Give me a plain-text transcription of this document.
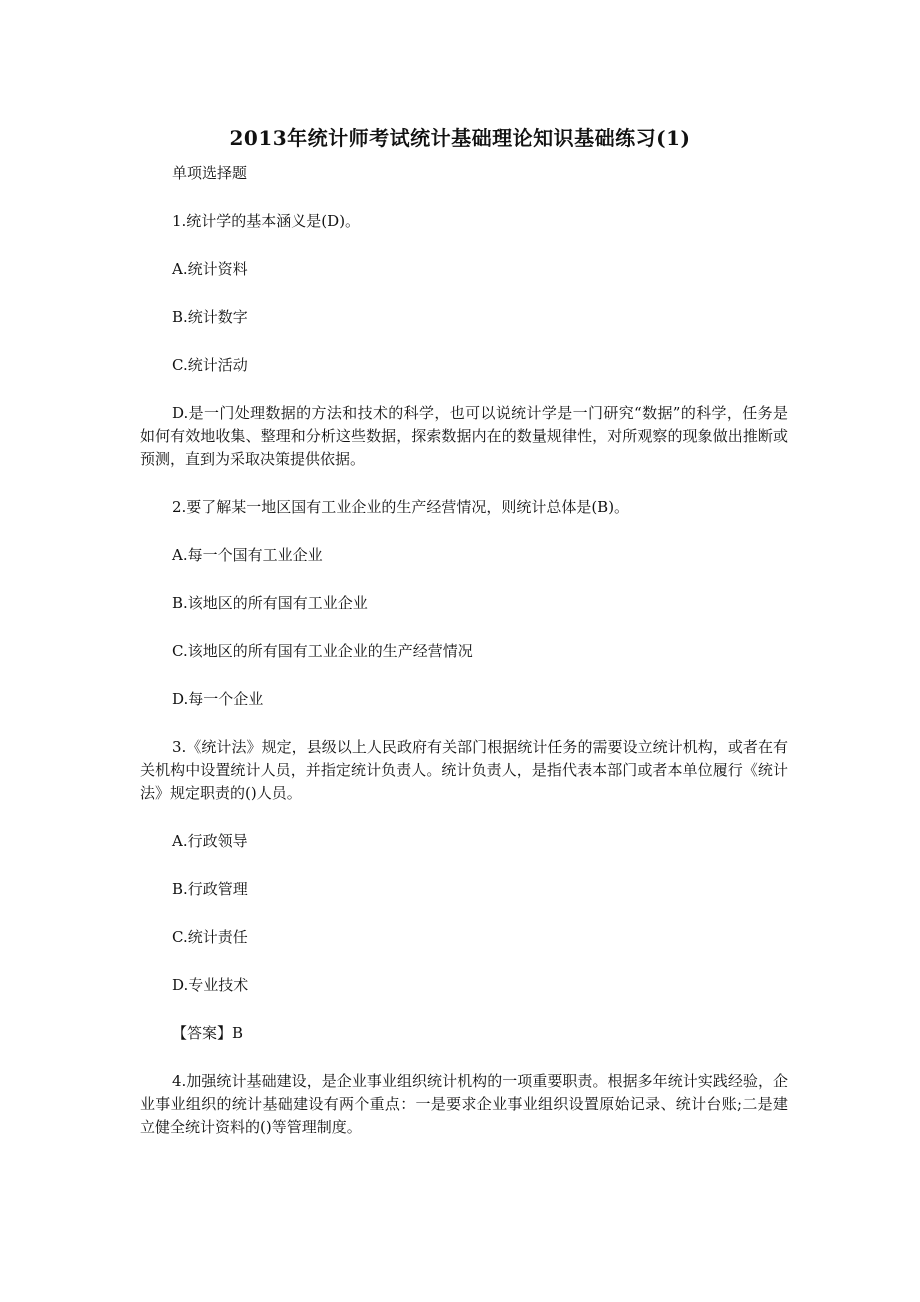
2013年统计师考试统计基础理论知识基础练习(1)

单项选择题

1.统计学的基本涵义是(D)。

A.统计资料

B.统计数字

C.统计活动

D.是一门处理数据的方法和技术的科学，也可以说统计学是一门研究“数据”的科学，任务是如何有效地收集、整理和分析这些数据，探索数据内在的数量规律性，对所观察的现象做出推断或预测，直到为采取决策提供依据。

2.要了解某一地区国有工业企业的生产经营情况，则统计总体是(B)。

A.每一个国有工业企业

B.该地区的所有国有工业企业

C.该地区的所有国有工业企业的生产经营情况

D.每一个企业

3.《统计法》规定，县级以上人民政府有关部门根据统计任务的需要设立统计机构，或者在有关机构中设置统计人员，并指定统计负责人。统计负责人，是指代表本部门或者本单位履行《统计法》规定职责的()人员。

A.行政领导

B.行政管理

C.统计责任

D.专业技术

【答案】B

4.加强统计基础建设，是企业事业组织统计机构的一项重要职责。根据多年统计实践经验，企业事业组织的统计基础建设有两个重点：一是要求企业事业组织设置原始记录、统计台账;二是建立健全统计资料的()等管理制度。
